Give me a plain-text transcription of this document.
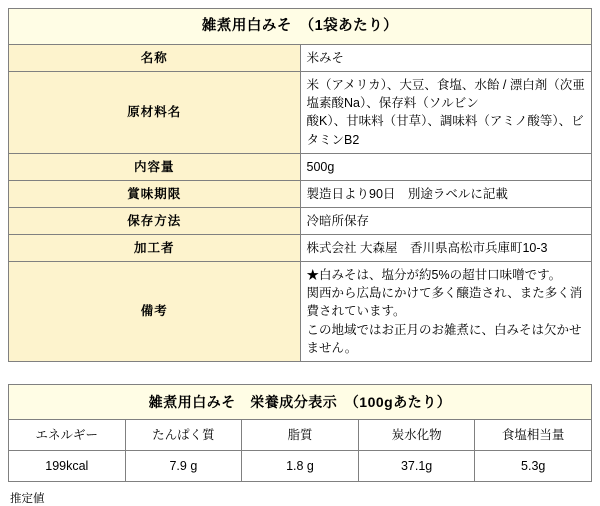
雑煮用白みそ　（1袋あたり）	
名称	米みそ

原材料名	米（アメリカ）、大豆、食塩、水飴 / 漂白剤（次亜塩素酸Na）、保存料（ソルビン
酸K）、甘味料（甘草）、調味料（アミノ酸等）、ビタミンB2

内容量	500g

賞味期限	製造日より90日　別途ラベルに記載

保存方法	冷暗所保存

加工者	株式会社 大森屋　香川県高松市兵庫町10-3

備考	★白みそは、塩分が約5%の超甘口味噌です。
関西から広島にかけて多く醸造され、また多く消費されています。
この地域ではお正月のお雑煮に、白みそは欠かせません。
雑煮用白みそ　栄養成分表示　（100gあたり）				
エネルギー	たんぱく質	脂質	炭水化物	食塩相当量
199kcal	7.9 g	1.8 g	37.1g	5.3g
推定値
